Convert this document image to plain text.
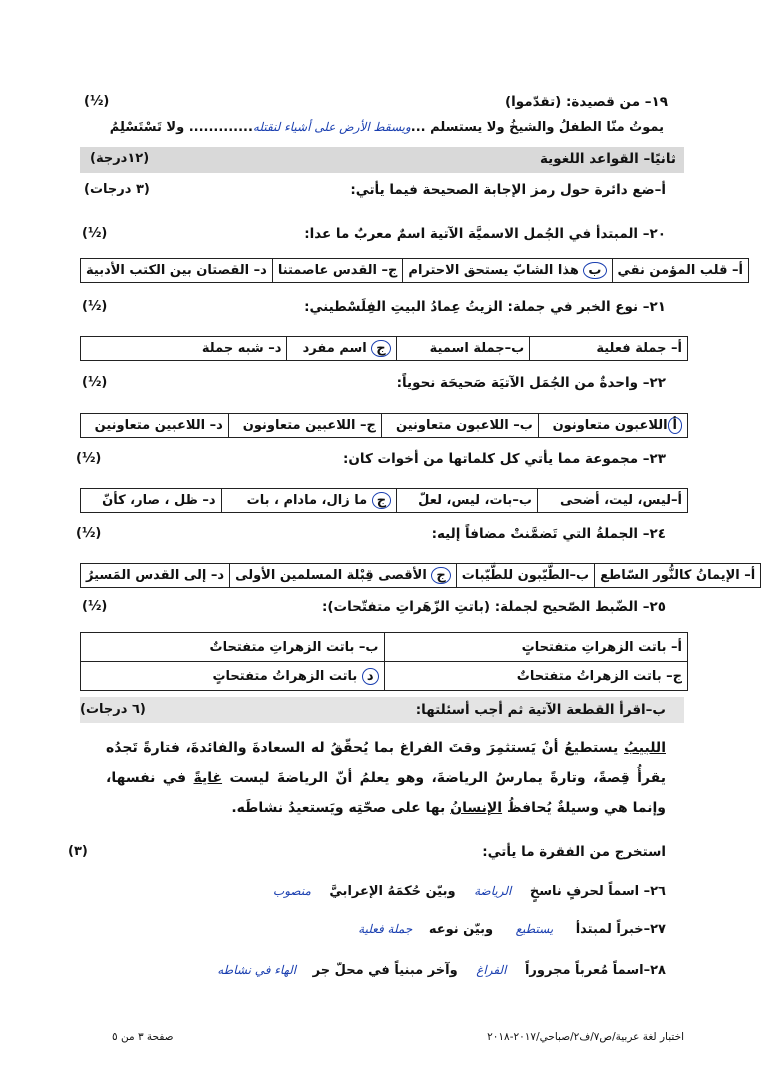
١٩– من قصيدة: (تقدّموا)
(½)
يموتُ منّا الطفلُ والشيخُ ولا يستسلم ...ويسقط الأرض على أشياء لنقتله............. ولا تَسْتَسْلِمُ
ثانيًا– القواعد اللغوية
(١٢درجة)
أ–ضع دائرة حول رمز الإجابة الصحيحة فيما يأتي:
(٣ درجات)
٢٠– المبتدأ في الجُمل الاسميَّة الآتية اسمٌ معربٌ ما عدا:
(½)
أ– قلب المؤمن نقي	ب هذا الشابّ يستحق الاحترام	ج– القدس عاصمتنا	د– القصتان بين الكتب الأدبية
٢١– نوع الخبر في جملة: الزيتُ عِمادُ البيتِ الفِلَسْطيني:
(½)
أ– جملة فعلية	ب–جملة اسمية	ج اسم مفرد	د– شبه جملة
٢٢– واحدةٌ من الجُمَل الآتيَة صَحيحَة نحوياً:
(½)
أاللاعبون متعاونون	ب– اللاعبون متعاونين	ج– اللاعبين متعاونون	د– اللاعبين متعاونين
٢٣– مجموعة مما يأتي كل كلماتها من أخوات كان:
(½)
أ–ليس، ليت، أضحى	ب–بات، ليس، لعلّ	ج ما زال، مادام ، بات	د– ظل ، صار، كأنّ
٢٤– الجملةُ التي تَضمَّنتْ مضافاً إليه:
(½)
أ– الإيمانُ كالنُّور السّاطع	ب–الطَّيّبون للطَّيّبات	ج الأقصى قِبْلة المسلمين الأولى	د– إلى القدس المَسيرُ
٢٥– الضّبط الصّحيح لجملة: (باتتِ الزّهَراتِ متفتّحات):
(½)
أ– باتت الزهراتِ متفتحاتٍ	ب– باتت الزهراتِ متفتحاتٌ
ج– باتت الزهراتُ متفتحاتٌ	د باتت الزهراتُ متفتحاتٍ
ب–اقرأ القطعة الآتية ثم أجب أسئلتها:
(٦ درجات)
اللبيبُ يستطيعُ أنْ يَستثمِرَ وقتَ الفراغ بما يُحقّقُ له السعادةَ والفائدةَ، فتارةً تَجدُه يقرأُ قِصةً، وتارةً يمارسُ الرياضةَ، وهو يعلمُ أنّ الرياضةَ ليست غايةً في نفسها، وإنما هي وسيلةٌ يُحافظُ الإنسانُ بها على صحّتِه ويَستعيدُ نشاطَه.
استخرج من الفقرة ما يأتي:
(٣)
٢٦– اسماً لحرفٍ ناسخٍ الرياضة وبيّن حُكمَهُ الإعرابيَّ منصوب
٢٧–خبراً لمبتدأ يستطيع وبيّن نوعه جملة فعلية
٢٨–اسماً مُعرباً مجروراً الفراغ وآخر مبنياً في محلّ جر الهاء في نشاطه
اختبار لغة عربية/ص٧/ف٢/صباحي/٢٠١٧-٢٠١٨
صفحة ٣ من ٥
